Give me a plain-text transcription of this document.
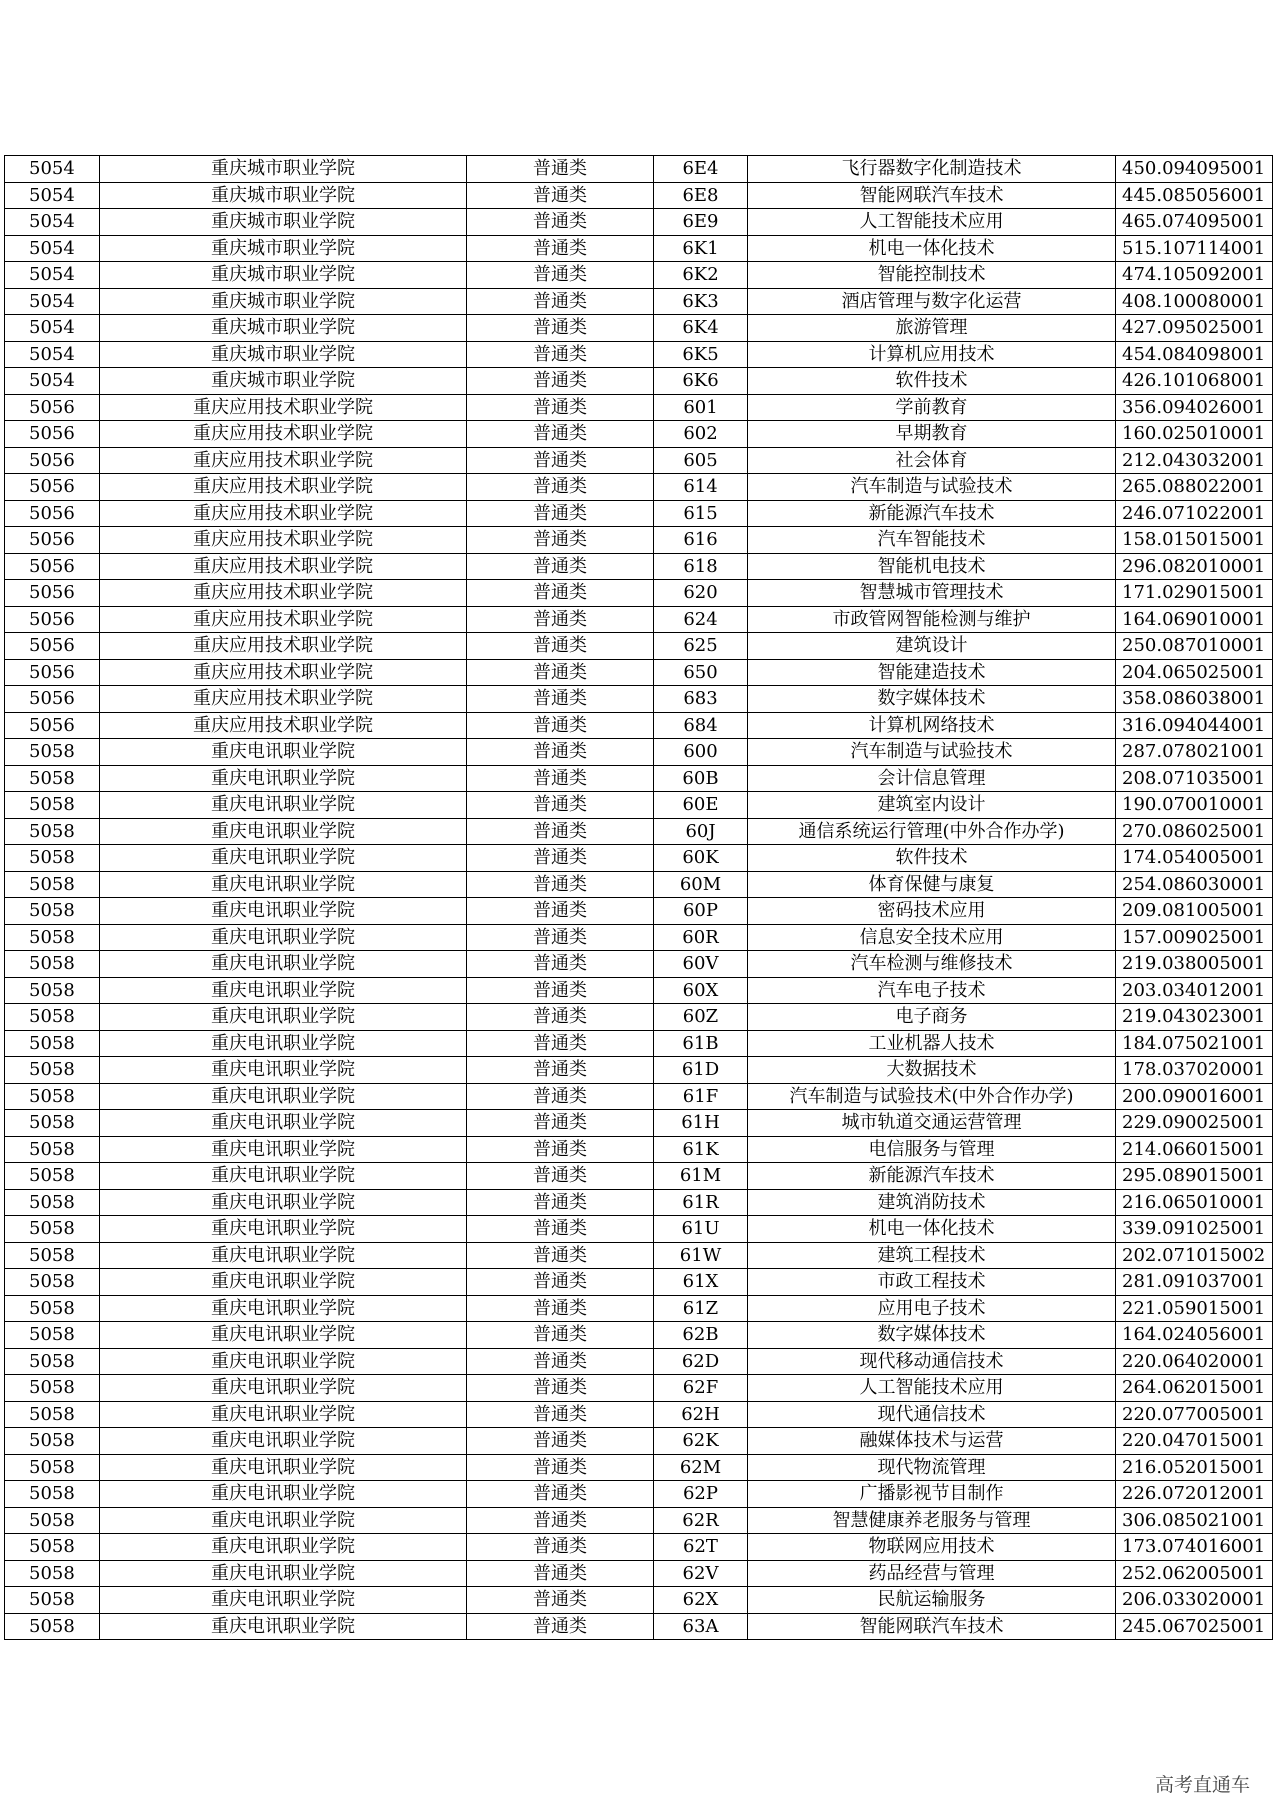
5054	重庆城市职业学院	普通类	6E4	飞行器数字化制造技术	450.094095001
5054	重庆城市职业学院	普通类	6E8	智能网联汽车技术	445.085056001
5054	重庆城市职业学院	普通类	6E9	人工智能技术应用	465.074095001
5054	重庆城市职业学院	普通类	6K1	机电一体化技术	515.107114001
5054	重庆城市职业学院	普通类	6K2	智能控制技术	474.105092001
5054	重庆城市职业学院	普通类	6K3	酒店管理与数字化运营	408.100080001
5054	重庆城市职业学院	普通类	6K4	旅游管理	427.095025001
5054	重庆城市职业学院	普通类	6K5	计算机应用技术	454.084098001
5054	重庆城市职业学院	普通类	6K6	软件技术	426.101068001
5056	重庆应用技术职业学院	普通类	601	学前教育	356.094026001
5056	重庆应用技术职业学院	普通类	602	早期教育	160.025010001
5056	重庆应用技术职业学院	普通类	605	社会体育	212.043032001
5056	重庆应用技术职业学院	普通类	614	汽车制造与试验技术	265.088022001
5056	重庆应用技术职业学院	普通类	615	新能源汽车技术	246.071022001
5056	重庆应用技术职业学院	普通类	616	汽车智能技术	158.015015001
5056	重庆应用技术职业学院	普通类	618	智能机电技术	296.082010001
5056	重庆应用技术职业学院	普通类	620	智慧城市管理技术	171.029015001
5056	重庆应用技术职业学院	普通类	624	市政管网智能检测与维护	164.069010001
5056	重庆应用技术职业学院	普通类	625	建筑设计	250.087010001
5056	重庆应用技术职业学院	普通类	650	智能建造技术	204.065025001
5056	重庆应用技术职业学院	普通类	683	数字媒体技术	358.086038001
5056	重庆应用技术职业学院	普通类	684	计算机网络技术	316.094044001
5058	重庆电讯职业学院	普通类	600	汽车制造与试验技术	287.078021001
5058	重庆电讯职业学院	普通类	60B	会计信息管理	208.071035001
5058	重庆电讯职业学院	普通类	60E	建筑室内设计	190.070010001
5058	重庆电讯职业学院	普通类	60J	通信系统运行管理(中外合作办学)	270.086025001
5058	重庆电讯职业学院	普通类	60K	软件技术	174.054005001
5058	重庆电讯职业学院	普通类	60M	体育保健与康复	254.086030001
5058	重庆电讯职业学院	普通类	60P	密码技术应用	209.081005001
5058	重庆电讯职业学院	普通类	60R	信息安全技术应用	157.009025001
5058	重庆电讯职业学院	普通类	60V	汽车检测与维修技术	219.038005001
5058	重庆电讯职业学院	普通类	60X	汽车电子技术	203.034012001
5058	重庆电讯职业学院	普通类	60Z	电子商务	219.043023001
5058	重庆电讯职业学院	普通类	61B	工业机器人技术	184.075021001
5058	重庆电讯职业学院	普通类	61D	大数据技术	178.037020001
5058	重庆电讯职业学院	普通类	61F	汽车制造与试验技术(中外合作办学)	200.090016001
5058	重庆电讯职业学院	普通类	61H	城市轨道交通运营管理	229.090025001
5058	重庆电讯职业学院	普通类	61K	电信服务与管理	214.066015001
5058	重庆电讯职业学院	普通类	61M	新能源汽车技术	295.089015001
5058	重庆电讯职业学院	普通类	61R	建筑消防技术	216.065010001
5058	重庆电讯职业学院	普通类	61U	机电一体化技术	339.091025001
5058	重庆电讯职业学院	普通类	61W	建筑工程技术	202.071015002
5058	重庆电讯职业学院	普通类	61X	市政工程技术	281.091037001
5058	重庆电讯职业学院	普通类	61Z	应用电子技术	221.059015001
5058	重庆电讯职业学院	普通类	62B	数字媒体技术	164.024056001
5058	重庆电讯职业学院	普通类	62D	现代移动通信技术	220.064020001
5058	重庆电讯职业学院	普通类	62F	人工智能技术应用	264.062015001
5058	重庆电讯职业学院	普通类	62H	现代通信技术	220.077005001
5058	重庆电讯职业学院	普通类	62K	融媒体技术与运营	220.047015001
5058	重庆电讯职业学院	普通类	62M	现代物流管理	216.052015001
5058	重庆电讯职业学院	普通类	62P	广播影视节目制作	226.072012001
5058	重庆电讯职业学院	普通类	62R	智慧健康养老服务与管理	306.085021001
5058	重庆电讯职业学院	普通类	62T	物联网应用技术	173.074016001
5058	重庆电讯职业学院	普通类	62V	药品经营与管理	252.062005001
5058	重庆电讯职业学院	普通类	62X	民航运输服务	206.033020001
5058	重庆电讯职业学院	普通类	63A	智能网联汽车技术	245.067025001
高考直通车
